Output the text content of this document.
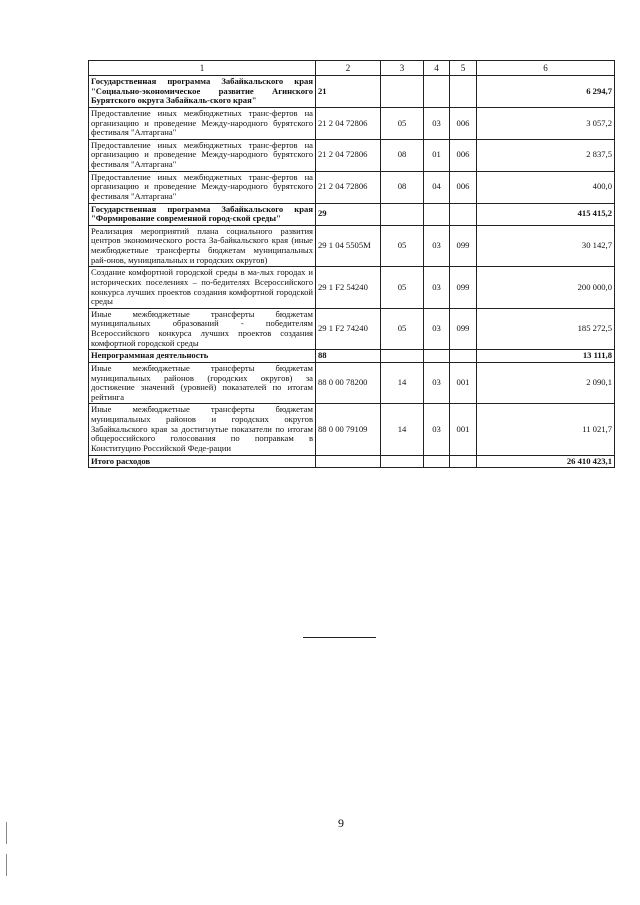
1	2	3	4	5	6
Государственная программа Забайкальского края "Социально-экономическое развитие Агинского Бурятского округа Забайкаль-ского края"	21				6 294,7
Предоставление иных межбюджетных транс-фертов на организацию и проведение Между-народного бурятского фестиваля "Алтаргана"	21 2 04 72806	05	03	006	3 057,2
Предоставление иных межбюджетных транс-фертов на организацию и проведение Между-народного бурятского фестиваля "Алтаргана"	21 2 04 72806	08	01	006	2 837,5
Предоставление иных межбюджетных транс-фертов на организацию и проведение Между-народного бурятского фестиваля "Алтаргана"	21 2 04 72806	08	04	006	400,0
Государственная программа Забайкальского края "Формирование современной город-ской среды"	29				415 415,2
Реализация мероприятий плана социального развития центров экономического роста За-байкальского края (иные межбюджетные трансферты бюджетам муниципальных рай-онов, муниципальных и городских округов)	29 1 04 5505М	05	03	099	30 142,7
Создание комфортной городской среды в ма-лых городах и исторических поселениях – по-бедителях Всероссийского конкурса лучших проектов создания комфортной городской среды	29 1 F2 54240	05	03	099	200 000,0
Иные межбюджетные трансферты бюджетам муниципальных образований - победителям Всероссийского конкурса лучших проектов создания комфортной городской среды	29 1 F2 74240	05	03	099	185 272,5
Непрограммная деятельность	88				13 111,8
Иные межбюджетные трансферты бюджетам муниципальных районов (городских округов) за достижение значений (уровней) показателей по итогам рейтинга	88 0 00 78200	14	03	001	2 090,1
Иные межбюджетные трансферты бюджетам муниципальных районов и городских округов Забайкальского края за достигнутые показатели по итогам общероссийского голосования по поправкам в Конституцию Российской Феде-рации	88 0 00 79109	14	03	001	11 021,7
Итого расходов					26 410 423,1
9
